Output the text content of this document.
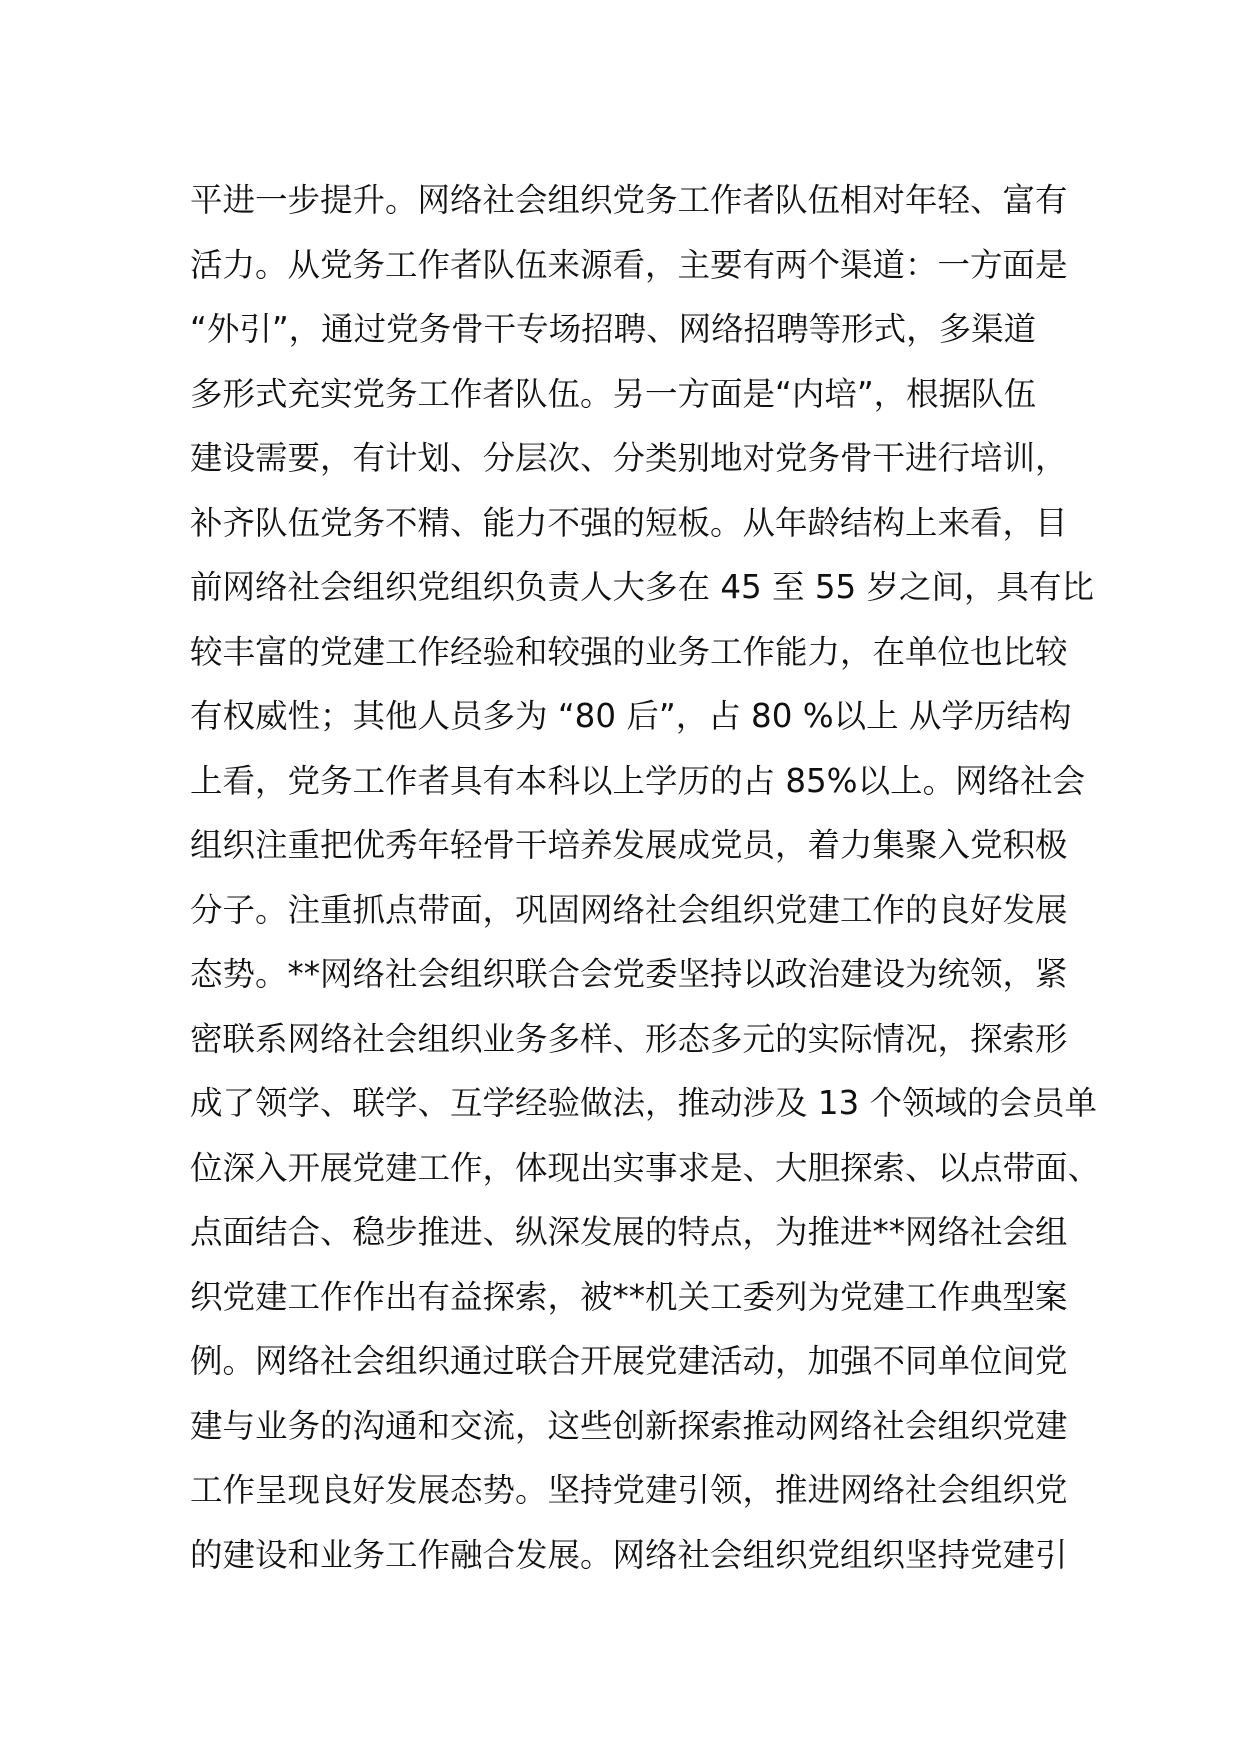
平进一步提升。网络社会组织党务工作者队伍相对年轻、富有
活力。从党务工作者队伍来源看，主要有两个渠道：一方面是
“外引”，通过党务骨干专场招聘、网络招聘等形式，多渠道
多形式充实党务工作者队伍。另一方面是“内培”，根据队伍
建设需要，有计划、分层次、分类别地对党务骨干进行培训，
补齐队伍党务不精、能力不强的短板。从年龄结构上来看，目
前网络社会组织党组织负责人大多在 45 至 55 岁之间，具有比
较丰富的党建工作经验和较强的业务工作能力，在单位也比较
有权威性；其他人员多为 “80 后”，占 80 %以上 从学历结构
上看，党务工作者具有本科以上学历的占 85%以上。网络社会
组织注重把优秀年轻骨干培养发展成党员，着力集聚入党积极
分子。注重抓点带面，巩固网络社会组织党建工作的良好发展
态势。**网络社会组织联合会党委坚持以政治建设为统领，紧
密联系网络社会组织业务多样、形态多元的实际情况，探索形
成了领学、联学、互学经验做法，推动涉及 13 个领域的会员单
位深入开展党建工作，体现出实事求是、大胆探索、以点带面、
点面结合、稳步推进、纵深发展的特点，为推进**网络社会组
织党建工作作出有益探索，被**机关工委列为党建工作典型案
例。网络社会组织通过联合开展党建活动，加强不同单位间党
建与业务的沟通和交流，这些创新探索推动网络社会组织党建
工作呈现良好发展态势。坚持党建引领，推进网络社会组织党
的建设和业务工作融合发展。网络社会组织党组织坚持党建引
